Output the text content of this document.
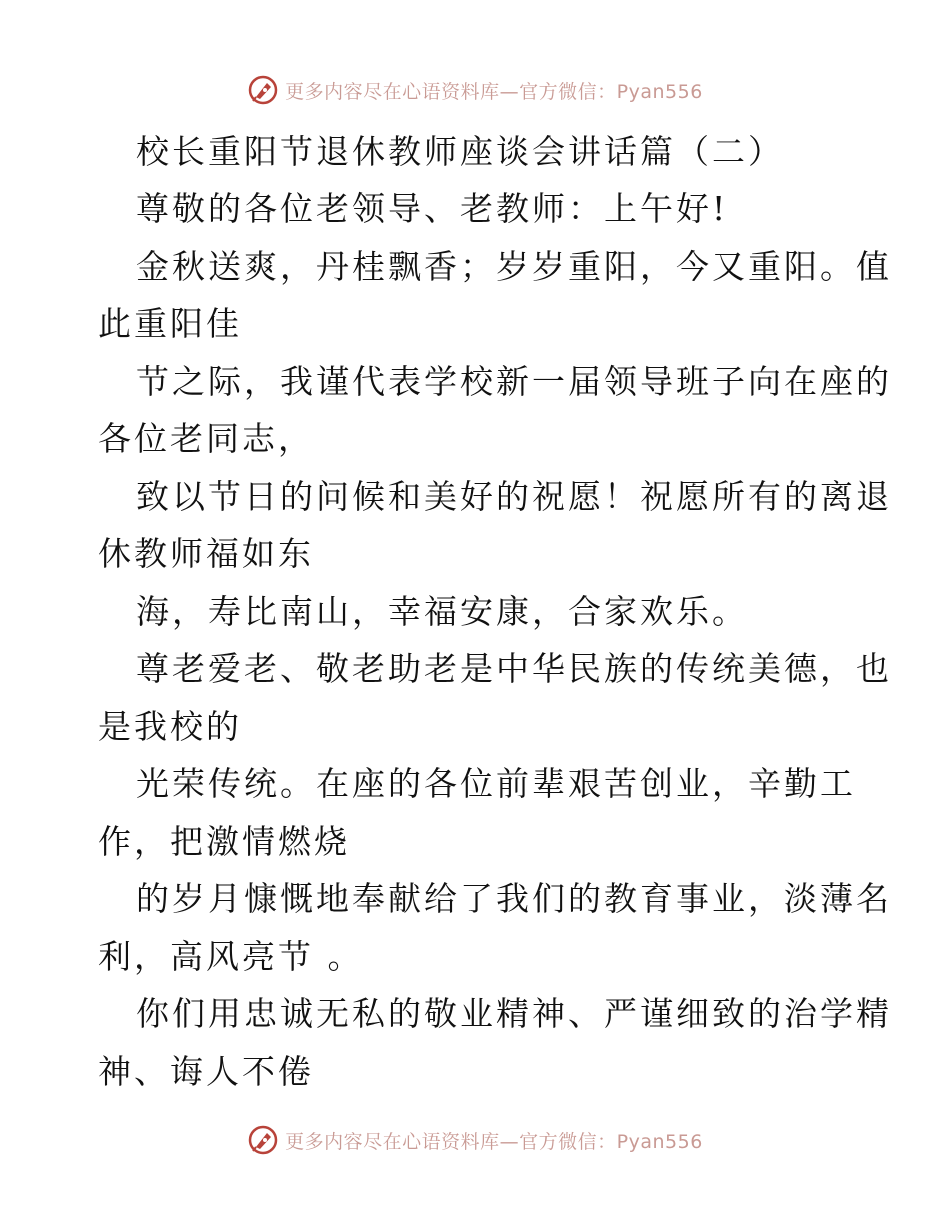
更多内容尽在心语资料库—官方微信：Pyan556
校长重阳节退休教师座谈会讲话篇（二）
尊敬的各位老领导、老教师：上午好!
金秋送爽，丹桂飘香；岁岁重阳，今又重阳。值
此重阳佳
节之际，我谨代表学校新一届领导班子向在座的
各位老同志，
致以节日的问候和美好的祝愿！祝愿所有的离退
休教师福如东
海，寿比南山，幸福安康，合家欢乐。
尊老爱老、敬老助老是中华民族的传统美德，也
是我校的
光荣传统。在座的各位前辈艰苦创业，辛勤工
作，把激情燃烧
的岁月慷慨地奉献给了我们的教育事业，淡薄名
利，高风亮节 。
你们用忠诚无私的敬业精神、严谨细致的治学精
神、诲人不倦
更多内容尽在心语资料库—官方微信：Pyan556
